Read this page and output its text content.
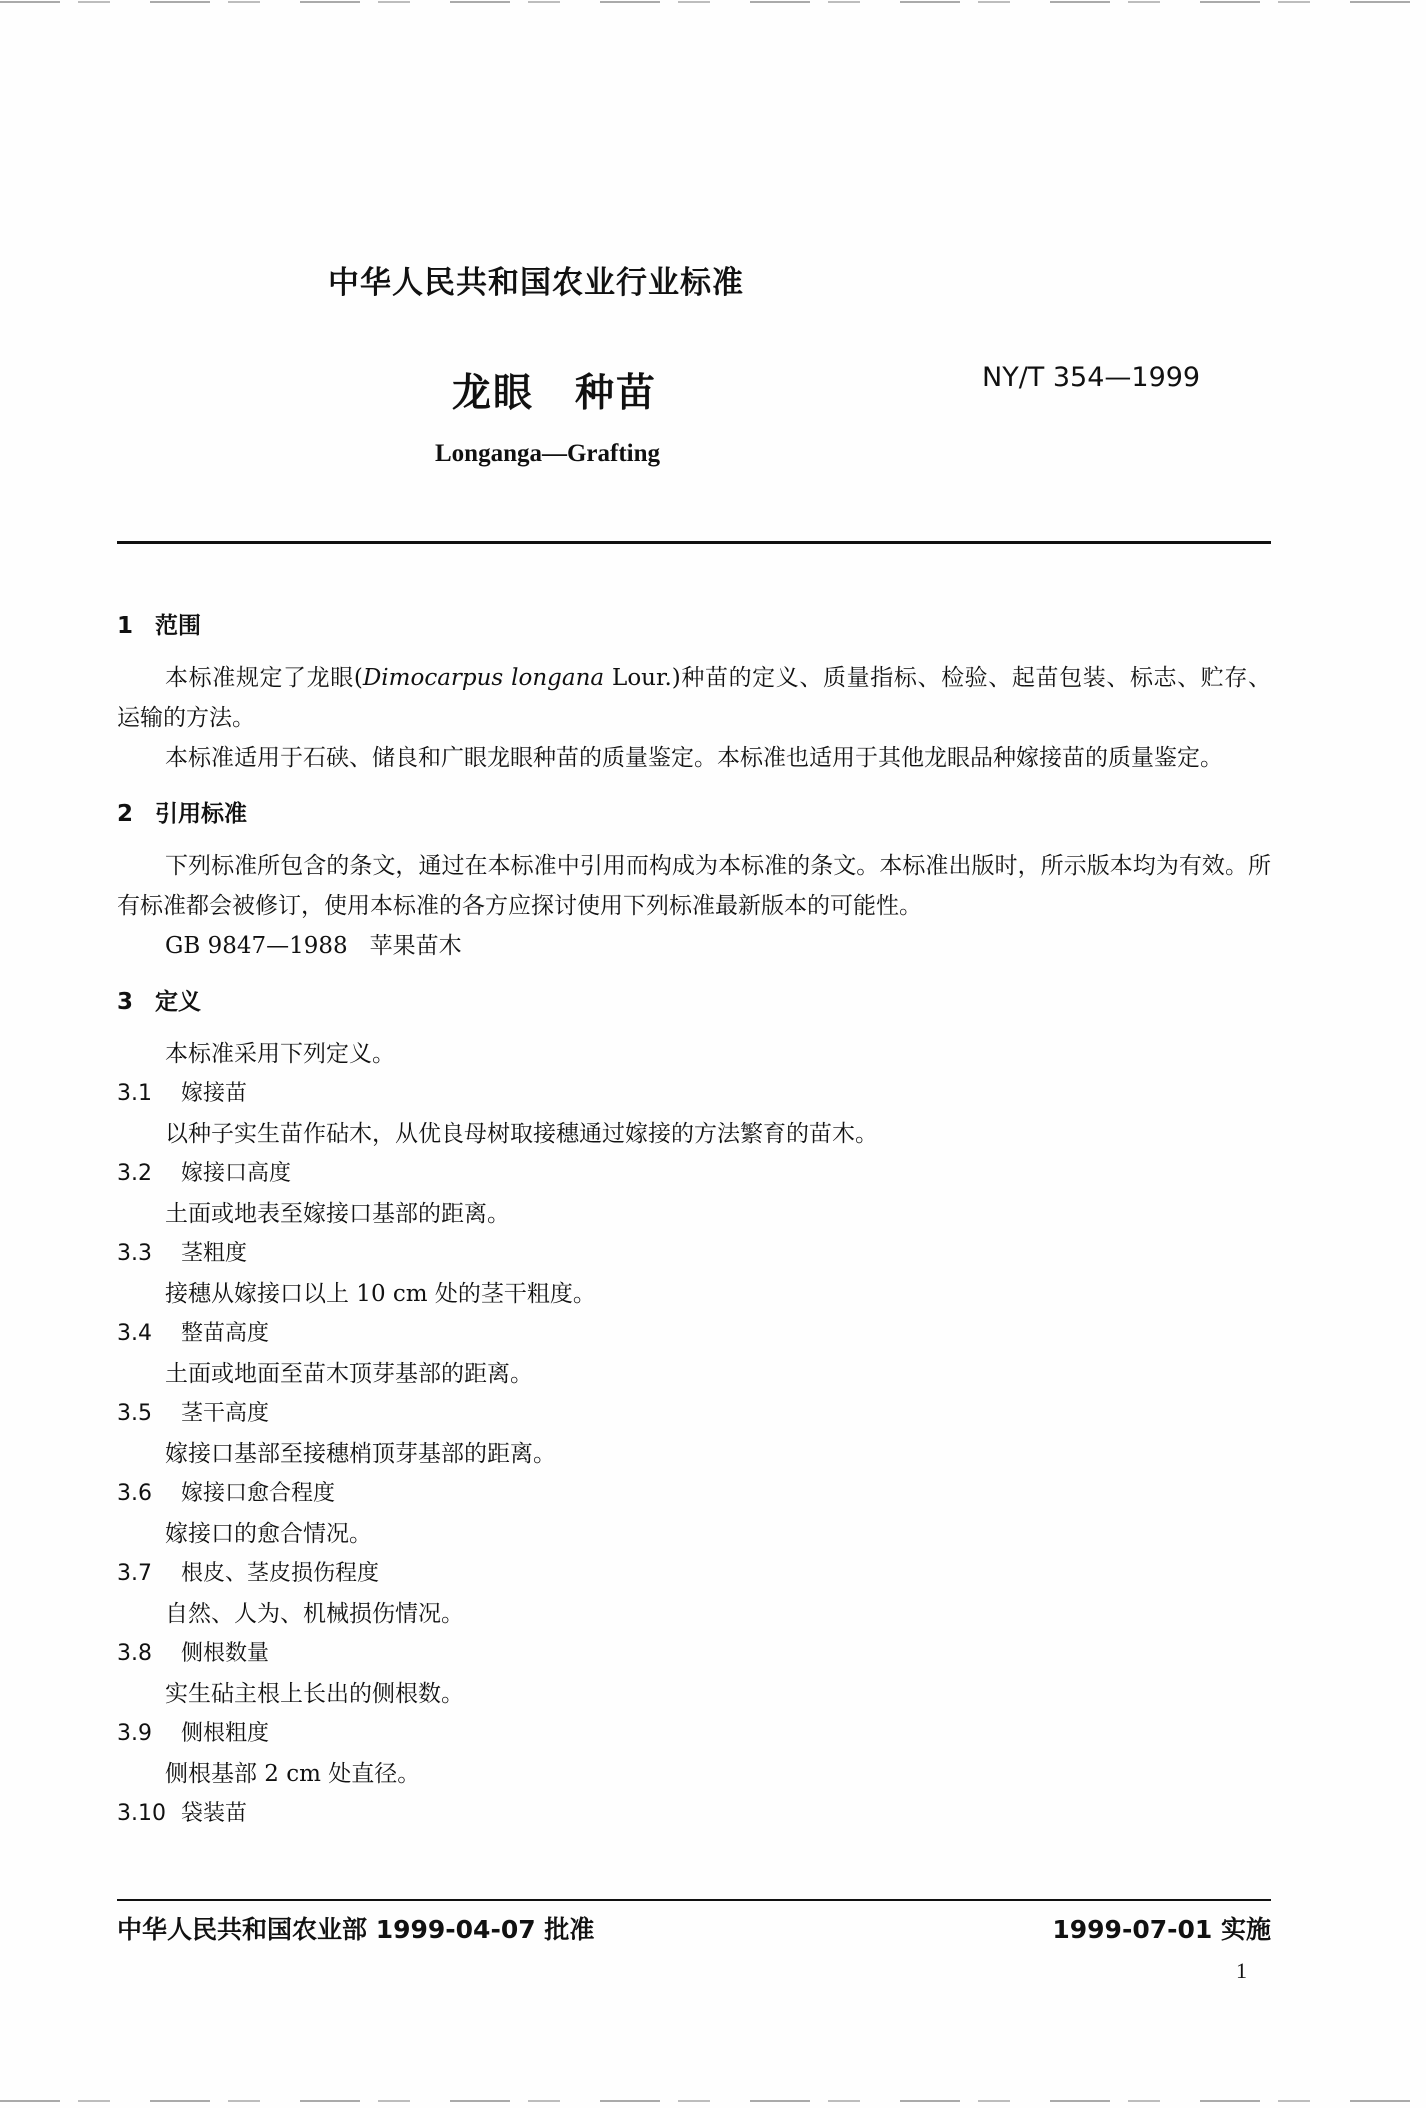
中华人民共和国农业行业标准
龙眼　种苗	NY/T 354—1999
Longanga—Grafting
1 范围
本标准规定了龙眼(Dimocarpus longana Lour.)种苗的定义、质量指标、检验、起苗包装、标志、贮存、运输的方法。
本标准适用于石硖、储良和广眼龙眼种苗的质量鉴定。本标准也适用于其他龙眼品种嫁接苗的质量鉴定。
2 引用标准
下列标准所包含的条文，通过在本标准中引用而构成为本标准的条文。本标准出版时，所示版本均为有效。所有标准都会被修订，使用本标准的各方应探讨使用下列标准最新版本的可能性。
GB 9847—1988 苹果苗木
3 定义
本标准采用下列定义。
3.1 嫁接苗
以种子实生苗作砧木，从优良母树取接穗通过嫁接的方法繁育的苗木。
3.2 嫁接口高度
土面或地表至嫁接口基部的距离。
3.3 茎粗度
接穗从嫁接口以上 10 cm 处的茎干粗度。
3.4 整苗高度
土面或地面至苗木顶芽基部的距离。
3.5 茎干高度
嫁接口基部至接穗梢顶芽基部的距离。
3.6 嫁接口愈合程度
嫁接口的愈合情况。
3.7 根皮、茎皮损伤程度
自然、人为、机械损伤情况。
3.8 侧根数量
实生砧主根上长出的侧根数。
3.9 侧根粗度
侧根基部 2 cm 处直径。
3.10 袋装苗
中华人民共和国农业部 1999-04-07 批准	1999-07-01 实施
1
